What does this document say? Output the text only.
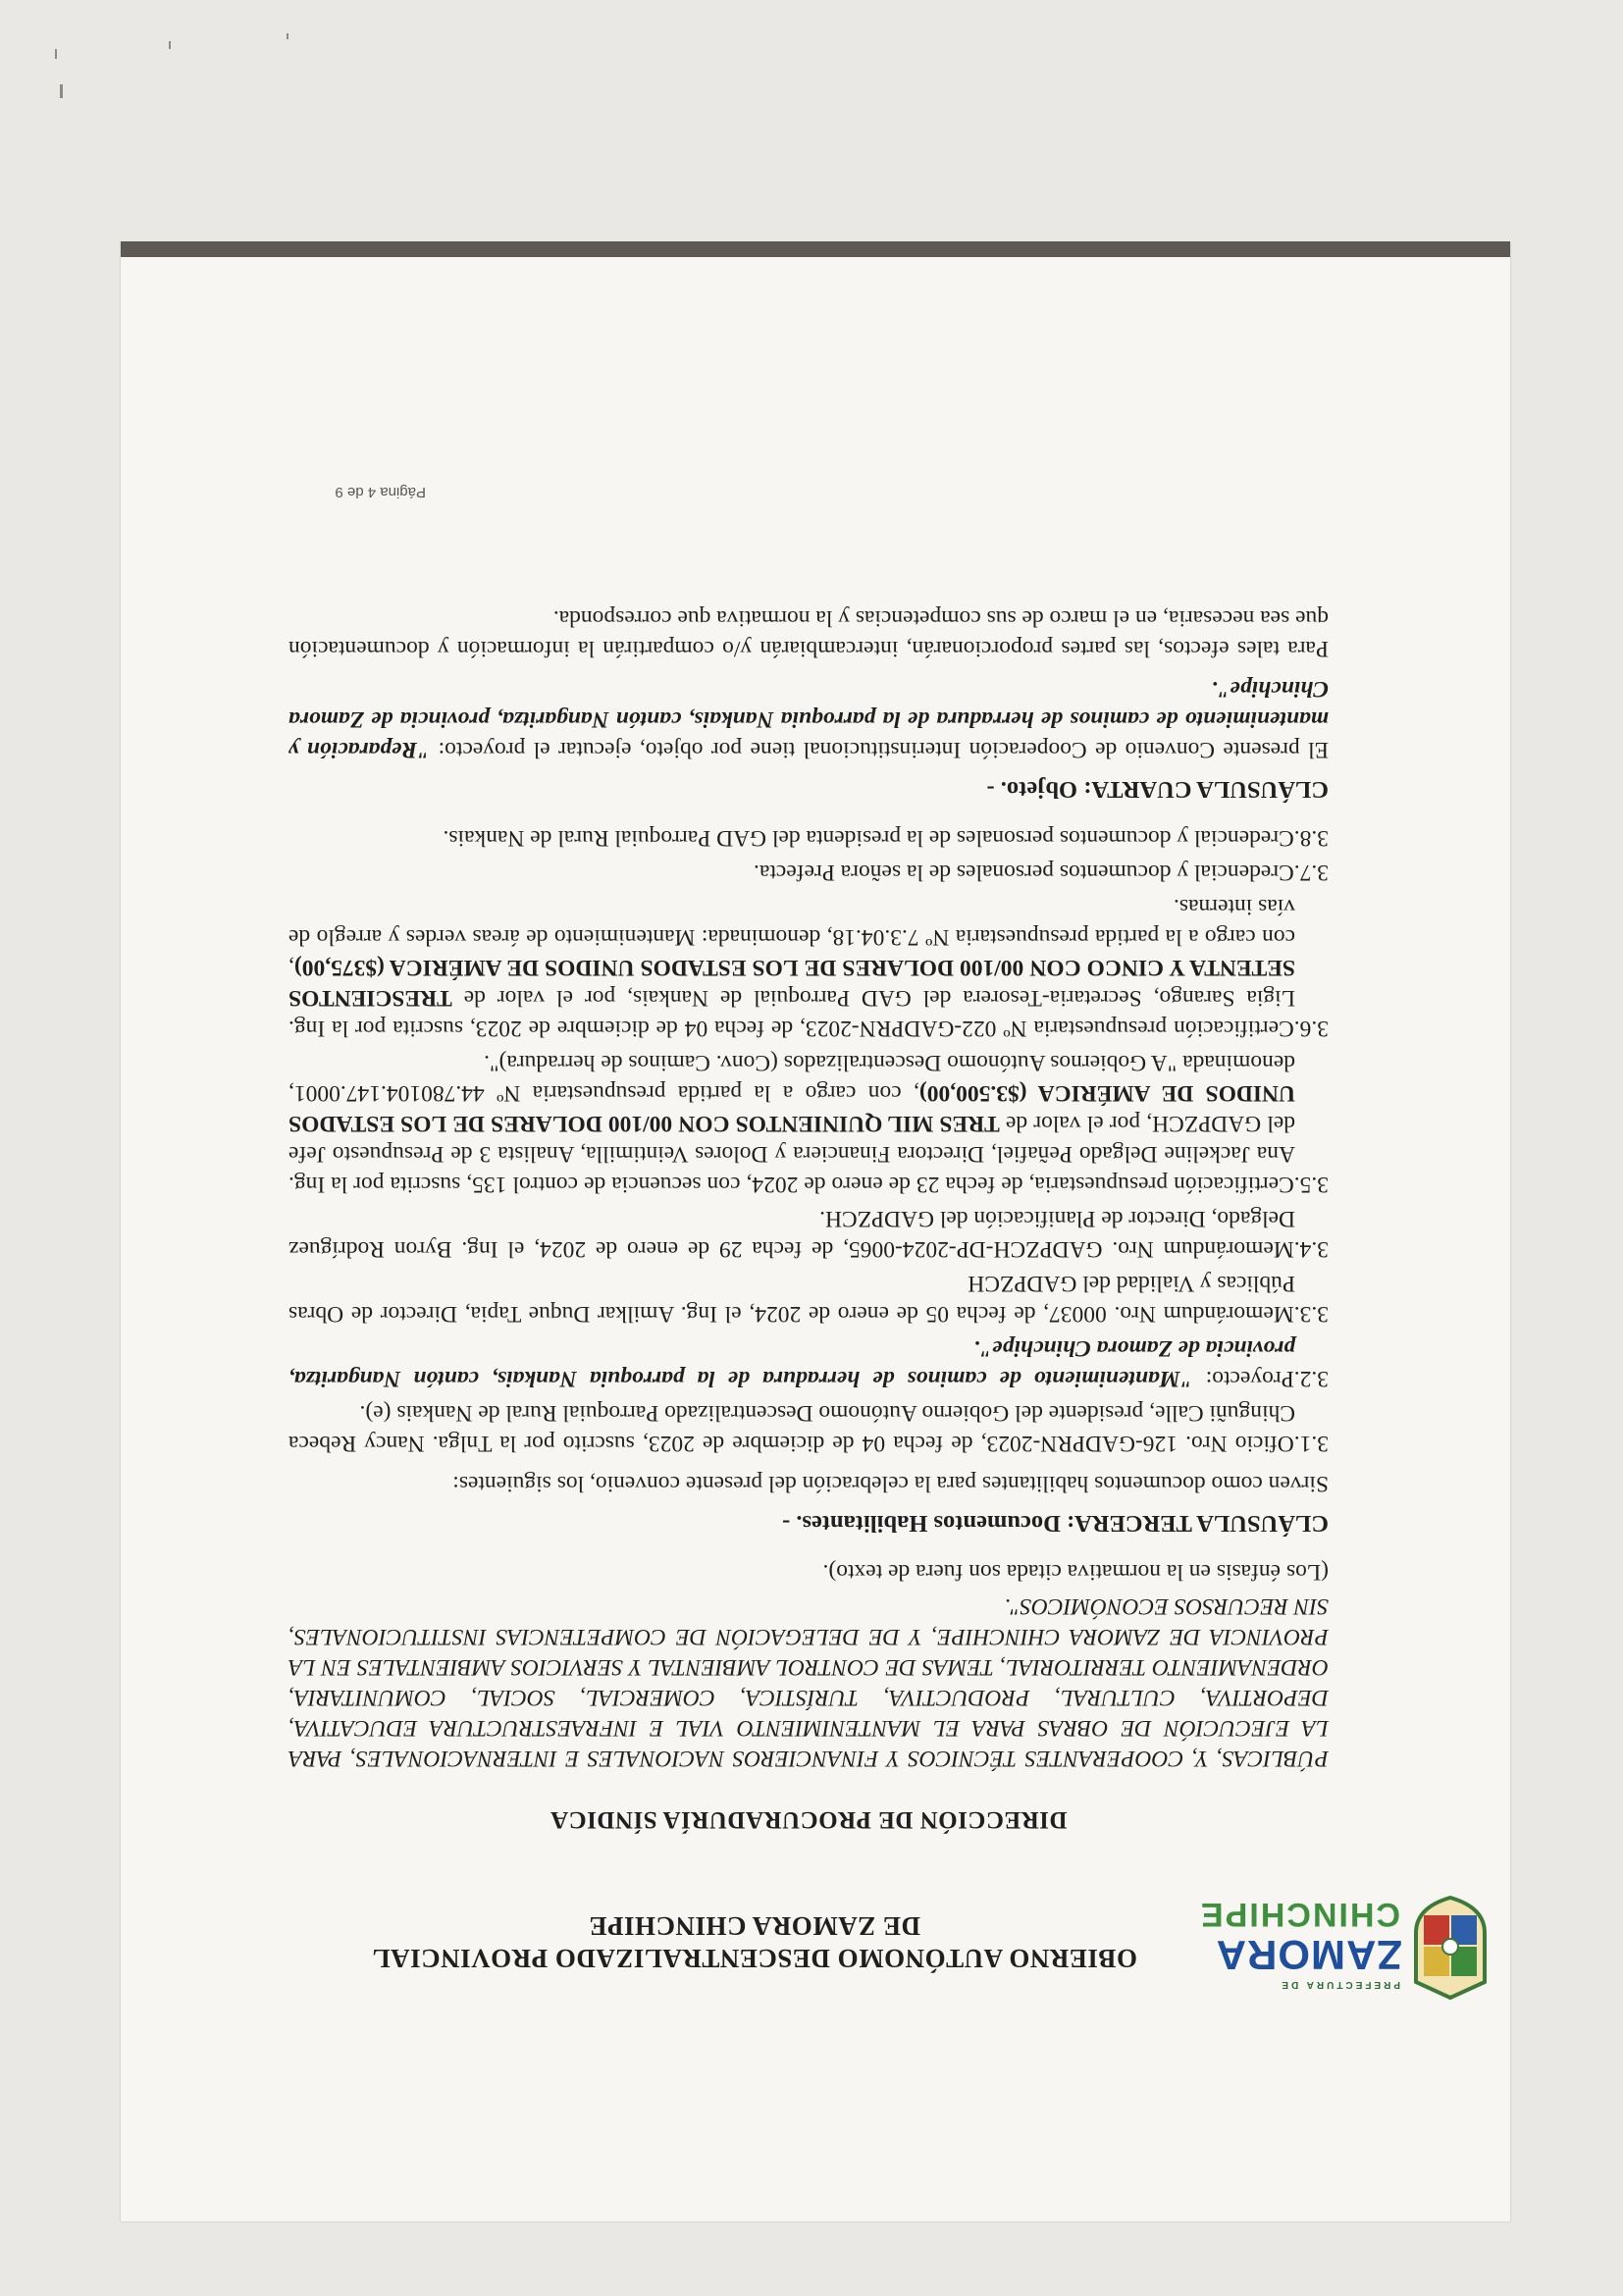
PREFECTURA DE
ZAMORA
CHINCHIPE
OBIERNO AUTÓNOMO DESCENTRALIZADO PROVINCIAL
DE ZAMORA CHINCHIPE
DIRECCIÓN DE PROCURADURÍA SÍNDICA

PÚBLICAS, Y, COOPERANTES TÉCNICOS Y FINANCIEROS NACIONALES E INTERNACIONALES, PARA LA EJECUCIÓN DE OBRAS PARA EL MANTENIMIENTO VIAL E INFRAESTRUCTURA EDUCATIVA, DEPORTIVA, CULTURAL, PRODUCTIVA, TURÍSTICA, COMERCIAL, SOCIAL, COMUNITARIA, ORDENAMIENTO TERRITORIAL, TEMAS DE CONTROL AMBIENTAL Y SERVICIOS AMBIENTALES EN LA PROVINCIA DE ZAMORA CHINCHIPE, Y DE DELEGACIÓN DE COMPETENCIAS INSTITUCIONALES, SIN RECURSOS ECONÓMICOS".

(Los énfasis en la normativa citada son fuera de texto).

CLÁUSULA TERCERA: Documentos Habilitantes. -

Sirven como documentos habilitantes para la celebración del presente convenio, los siguientes:

3.1.Oficio Nro. 126-GADPRN-2023, de fecha 04 de diciembre de 2023, suscrito por la Tnlga. Nancy Rebeca Chinguñi Calle, presidente del Gobierno Autónomo Descentralizado Parroquial Rural de Nankais (e).
3.2.Proyecto: "Mantenimiento de caminos de herradura de la parroquia Nankais, cantón Nangaritza, provincia de Zamora Chinchipe".
3.3.Memorándum Nro. 00037, de fecha 05 de enero de 2024, el Ing. Amilkar Duque Tapia, Director de Obras Públicas y Vialidad del GADPZCH
3.4.Memorándum Nro. GADPZCH-DP-2024-0065, de fecha 29 de enero de 2024, el Ing. Byron Rodríguez Delgado, Director de Planificación del GADPZCH.
3.5.Certificación presupuestaria, de fecha 23 de enero de 2024, con secuencia de control 135, suscrita por la Ing. Ana Jackeline Delgado Peñafiel, Directora Financiera y Dolores Veintimilla, Analista 3 de Presupuesto Jefe del GADPZCH, por el valor de TRES MIL QUINIENTOS CON 00/100 DOLARES DE LOS ESTADOS UNIDOS DE AMÉRICA ($3.500,00), con cargo a la partida presupuestaria Nº 44.780104.147.0001, denominada "A Gobiernos Autónomo Descentralizados (Conv. Caminos de herradura)".
3.6.Certificación presupuestaria Nº 022-GADPRN-2023, de fecha 04 de diciembre de 2023, suscrita por la Ing. Ligia Sarango, Secretaria-Tesorera del GAD Parroquial de Nankais, por el valor de TRESCIENTOS SETENTA Y CINCO CON 00/100 DOLARES DE LOS ESTADOS UNIDOS DE AMÉRICA ($375,00), con cargo a la partida presupuestaria Nº 7.3.04.18, denominada: Mantenimiento de áreas verdes y arreglo de vías internas.
3.7.Credencial y documentos personales de la señora Prefecta.
3.8.Credencial y documentos personales de la presidenta del GAD Parroquial Rural de Nankais.
CLÁUSULA CUARTA: Objeto. -

El presente Convenio de Cooperación Interinstitucional tiene por objeto, ejecutar el proyecto: "Reparación y mantenimiento de caminos de herradura de la parroquia Nankais, cantón Nangaritza, provincia de Zamora Chinchipe".

Para tales efectos, las partes proporcionarán, intercambiarán y/o compartirán la información y documentación que sea necesaria, en el marco de sus competencias y la normativa que corresponda.

Página 4 de 9
